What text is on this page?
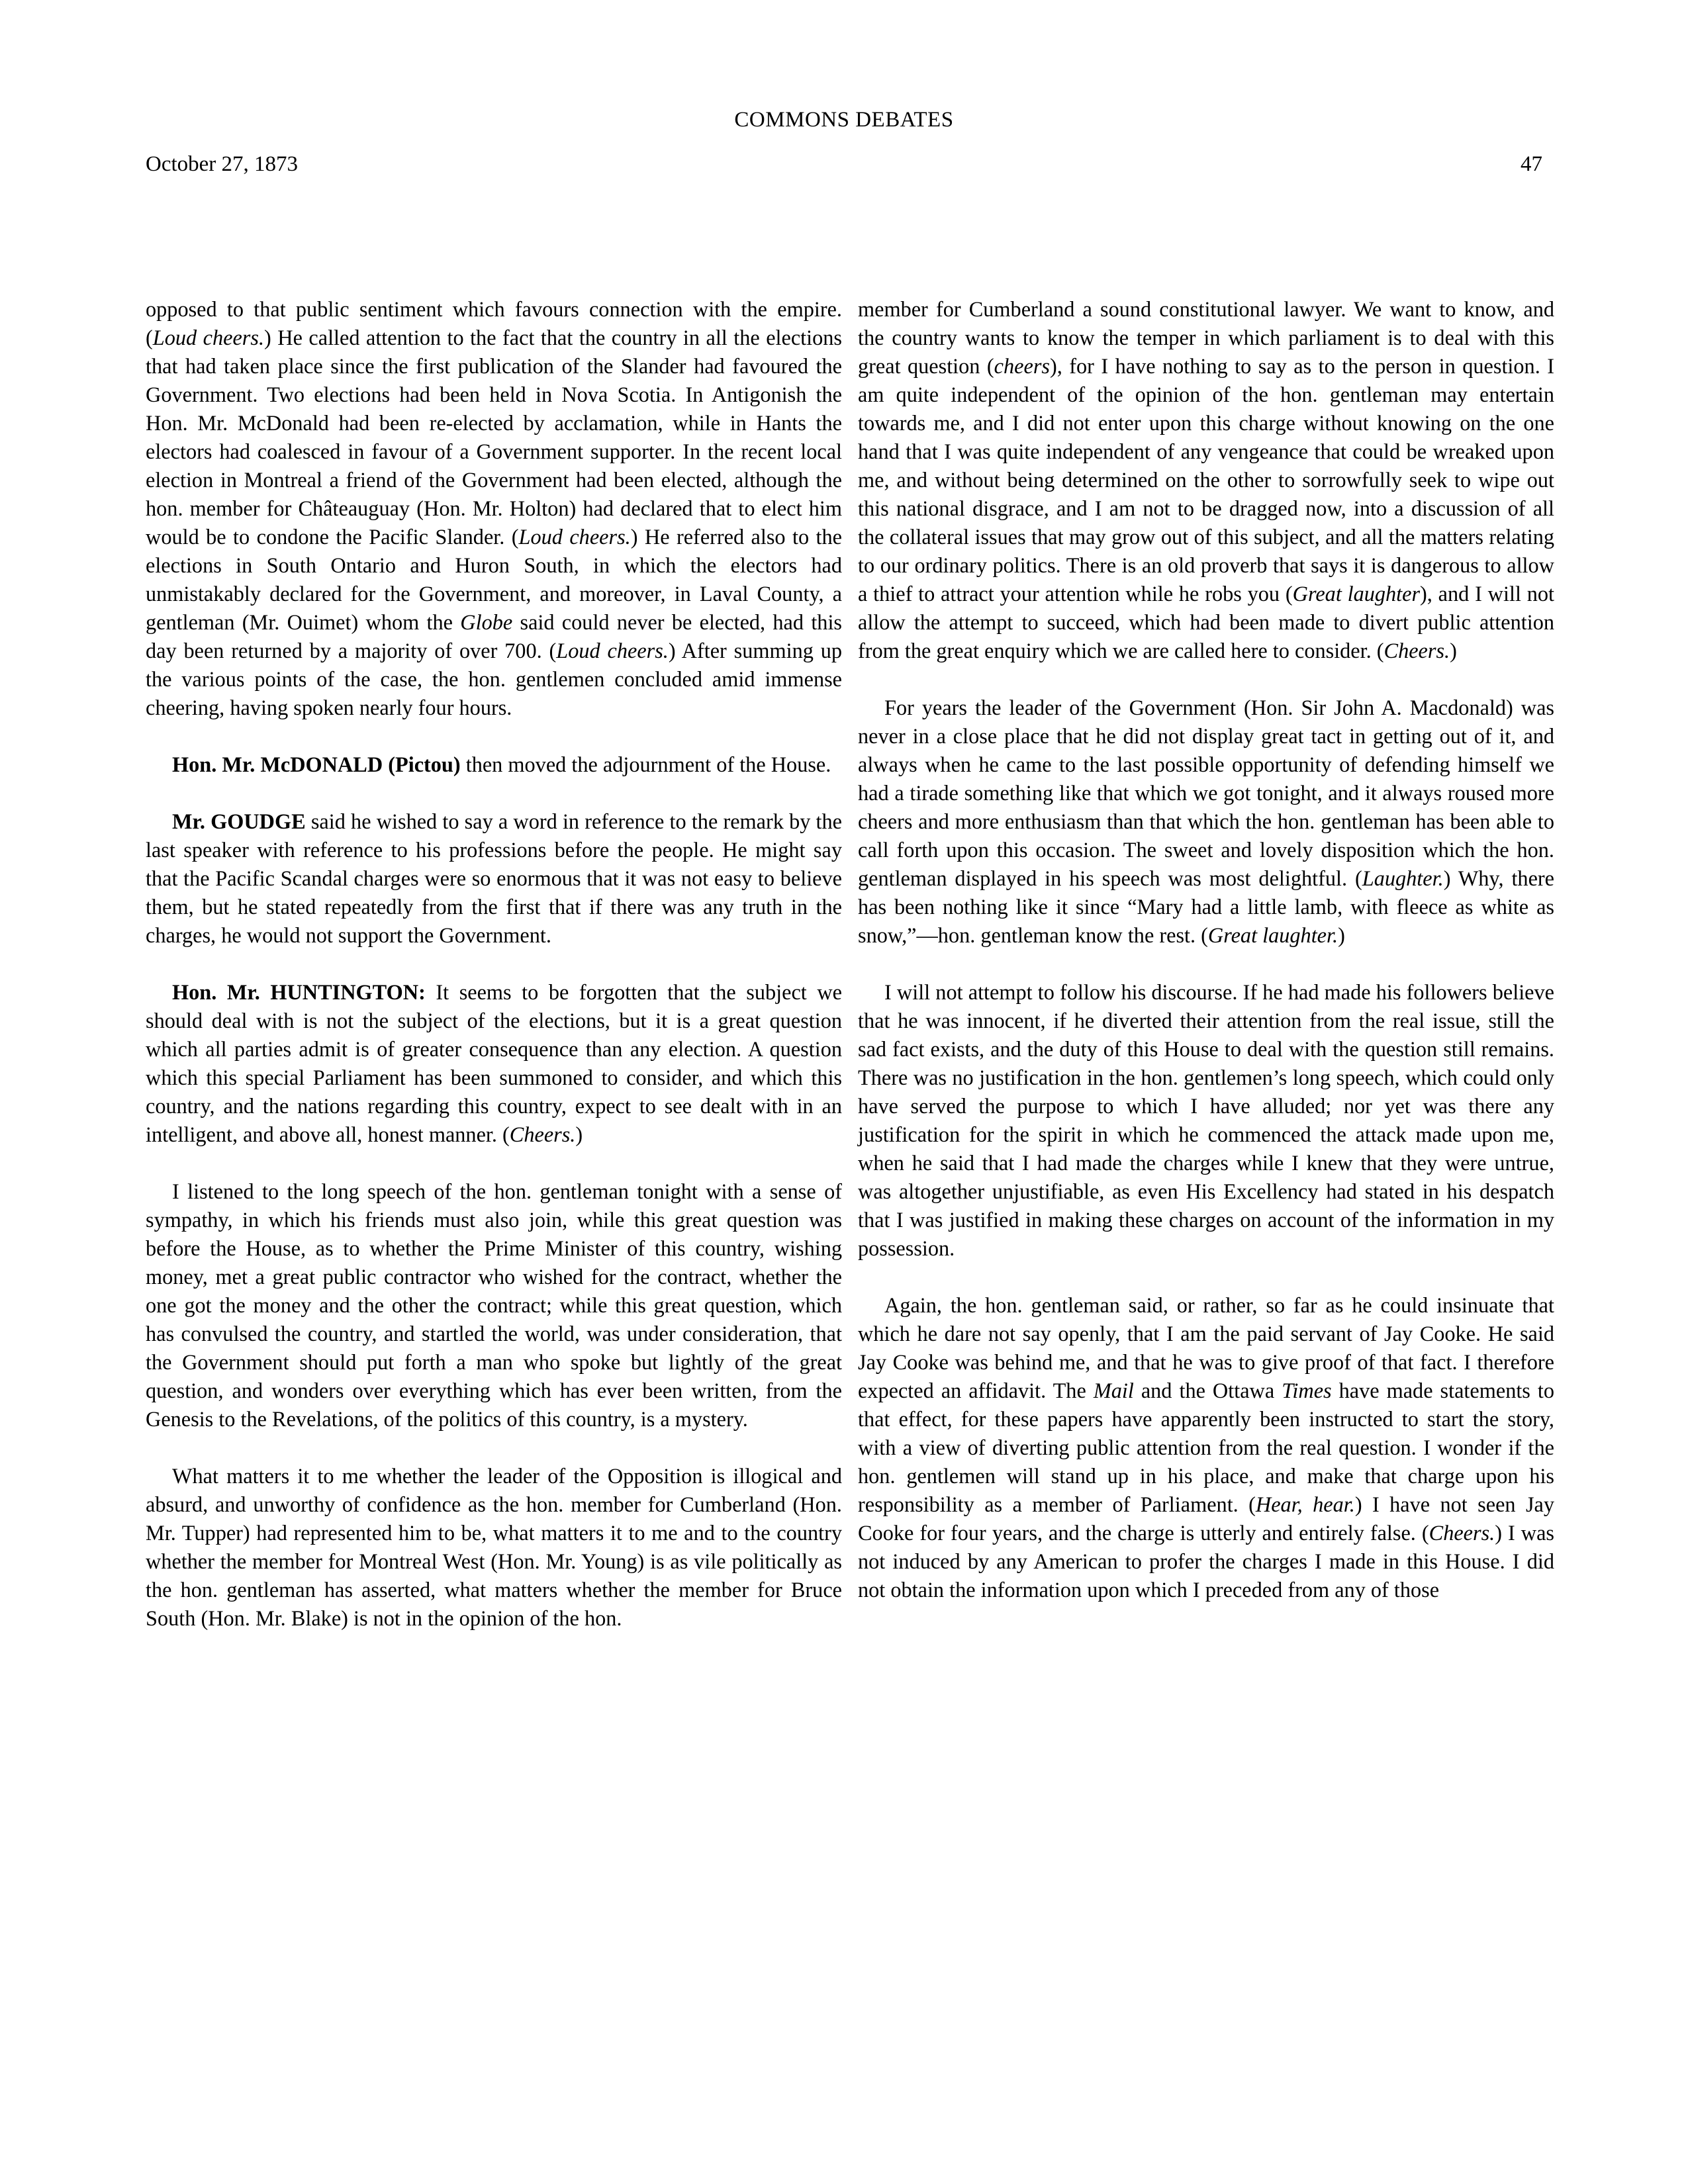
COMMONS DEBATES
October 27, 1873	47

opposed to that public sentiment which favours connection with the empire. (Loud cheers.) He called attention to the fact that the country in all the elections that had taken place since the first publication of the Slander had favoured the Government. Two elections had been held in Nova Scotia. In Antigonish the Hon. Mr. McDonald had been re-elected by acclamation, while in Hants the electors had coalesced in favour of a Government supporter. In the recent local election in Montreal a friend of the Government had been elected, although the hon. member for Châteauguay (Hon. Mr. Holton) had declared that to elect him would be to condone the Pacific Slander. (Loud cheers.) He referred also to the elections in South Ontario and Huron South, in which the electors had unmistakably declared for the Government, and moreover, in Laval County, a gentleman (Mr. Ouimet) whom the Globe said could never be elected, had this day been returned by a majority of over 700. (Loud cheers.) After summing up the various points of the case, the hon. gentlemen concluded amid immense cheering, having spoken nearly four hours.

Hon. Mr. McDONALD (Pictou) then moved the adjournment of the House.

Mr. GOUDGE said he wished to say a word in reference to the remark by the last speaker with reference to his professions before the people. He might say that the Pacific Scandal charges were so enormous that it was not easy to believe them, but he stated repeatedly from the first that if there was any truth in the charges, he would not support the Government.

Hon. Mr. HUNTINGTON: It seems to be forgotten that the subject we should deal with is not the subject of the elections, but it is a great question which all parties admit is of greater consequence than any election. A question which this special Parliament has been summoned to consider, and which this country, and the nations regarding this country, expect to see dealt with in an intelligent, and above all, honest manner. (Cheers.)

I listened to the long speech of the hon. gentleman tonight with a sense of sympathy, in which his friends must also join, while this great question was before the House, as to whether the Prime Minister of this country, wishing money, met a great public contractor who wished for the contract, whether the one got the money and the other the contract; while this great question, which has convulsed the country, and startled the world, was under consideration, that the Government should put forth a man who spoke but lightly of the great question, and wonders over everything which has ever been written, from the Genesis to the Revelations, of the politics of this country, is a mystery.

What matters it to me whether the leader of the Opposition is illogical and absurd, and unworthy of confidence as the hon. member for Cumberland (Hon. Mr. Tupper) had represented him to be, what matters it to me and to the country whether the member for Montreal West (Hon. Mr. Young) is as vile politically as the hon. gentleman has asserted, what matters whether the member for Bruce South (Hon. Mr. Blake) is not in the opinion of the hon.

member for Cumberland a sound constitutional lawyer. We want to know, and the country wants to know the temper in which parliament is to deal with this great question (cheers), for I have nothing to say as to the person in question. I am quite independent of the opinion of the hon. gentleman may entertain towards me, and I did not enter upon this charge without knowing on the one hand that I was quite independent of any vengeance that could be wreaked upon me, and without being determined on the other to sorrowfully seek to wipe out this national disgrace, and I am not to be dragged now, into a discussion of all the collateral issues that may grow out of this subject, and all the matters relating to our ordinary politics. There is an old proverb that says it is dangerous to allow a thief to attract your attention while he robs you (Great laughter), and I will not allow the attempt to succeed, which had been made to divert public attention from the great enquiry which we are called here to consider. (Cheers.)

For years the leader of the Government (Hon. Sir John A. Macdonald) was never in a close place that he did not display great tact in getting out of it, and always when he came to the last possible opportunity of defending himself we had a tirade something like that which we got tonight, and it always roused more cheers and more enthusiasm than that which the hon. gentleman has been able to call forth upon this occasion. The sweet and lovely disposition which the hon. gentleman displayed in his speech was most delightful. (Laughter.) Why, there has been nothing like it since “Mary had a little lamb, with fleece as white as snow,”—hon. gentleman know the rest. (Great laughter.)

I will not attempt to follow his discourse. If he had made his followers believe that he was innocent, if he diverted their attention from the real issue, still the sad fact exists, and the duty of this House to deal with the question still remains. There was no justification in the hon. gentlemen’s long speech, which could only have served the purpose to which I have alluded; nor yet was there any justification for the spirit in which he commenced the attack made upon me, when he said that I had made the charges while I knew that they were untrue, was altogether unjustifiable, as even His Excellency had stated in his despatch that I was justified in making these charges on account of the information in my possession.

Again, the hon. gentleman said, or rather, so far as he could insinuate that which he dare not say openly, that I am the paid servant of Jay Cooke. He said Jay Cooke was behind me, and that he was to give proof of that fact. I therefore expected an affidavit. The Mail and the Ottawa Times have made statements to that effect, for these papers have apparently been instructed to start the story, with a view of diverting public attention from the real question. I wonder if the hon. gentlemen will stand up in his place, and make that charge upon his responsibility as a member of Parliament. (Hear, hear.) I have not seen Jay Cooke for four years, and the charge is utterly and entirely false. (Cheers.) I was not induced by any American to profer the charges I made in this House. I did not obtain the information upon which I preceded from any of those
